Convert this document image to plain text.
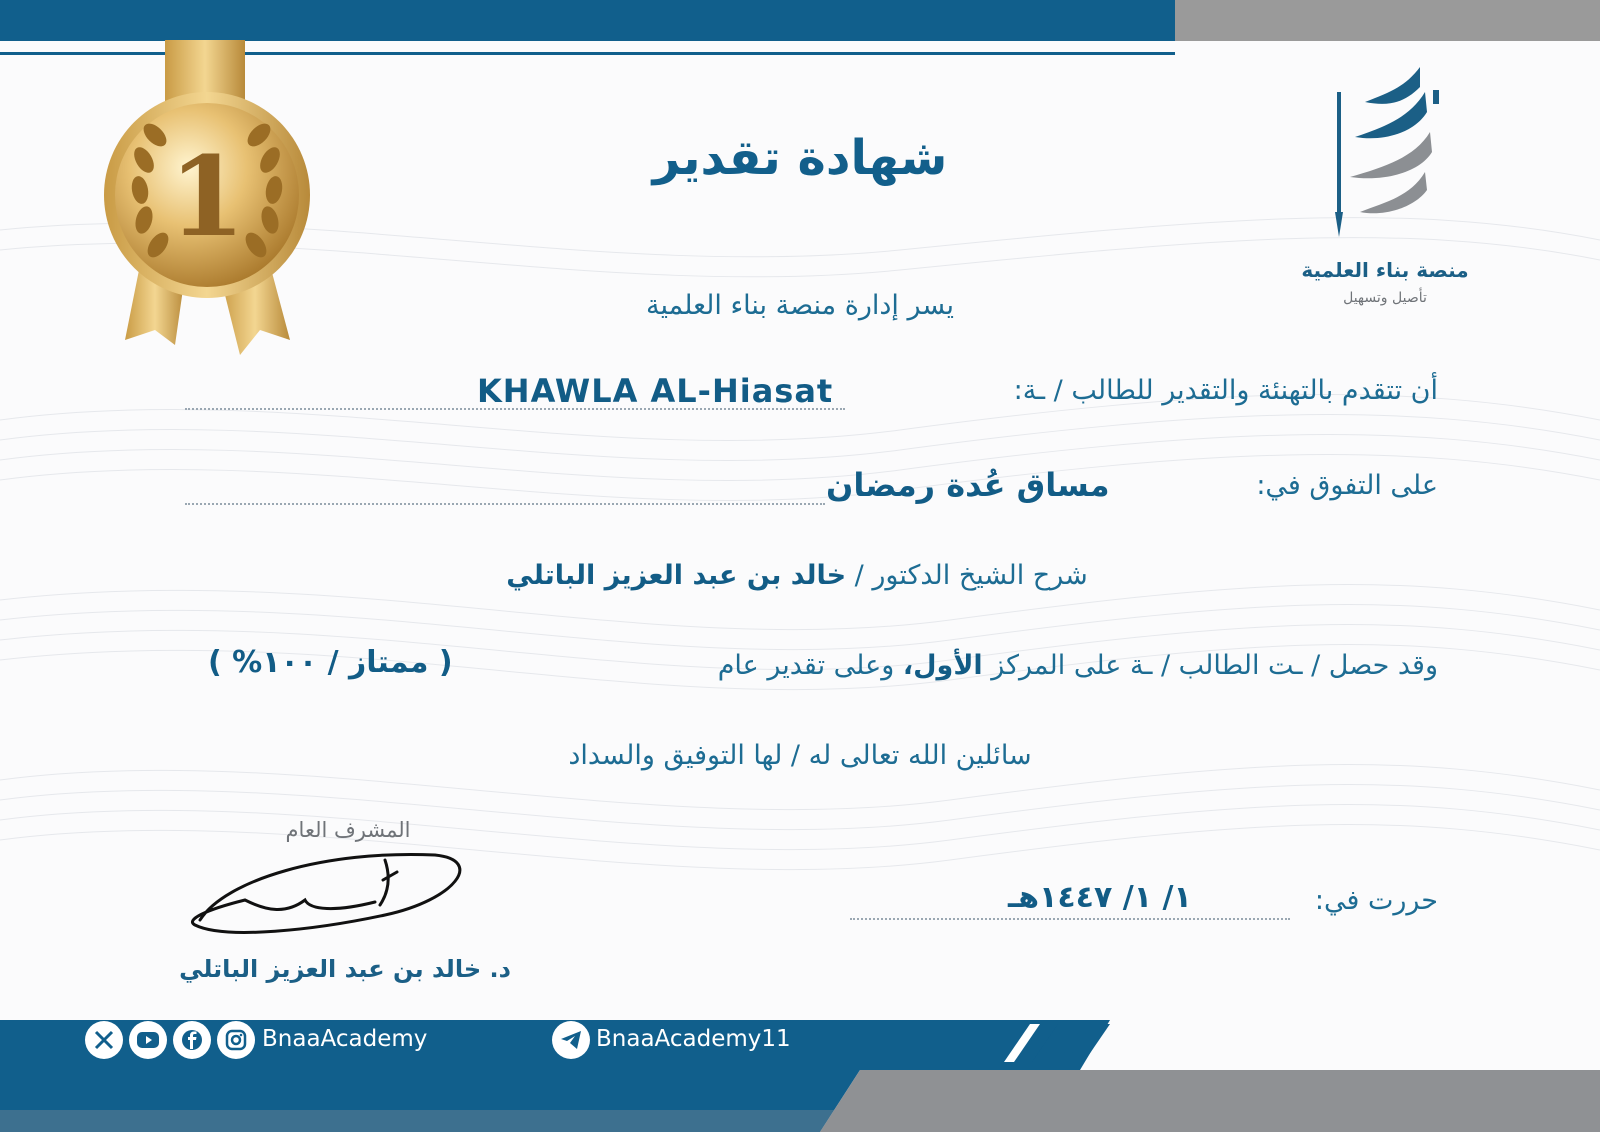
1
منصة بناء العلمية
تأصيل وتسهيل
شهادة تقدير
يسر إدارة منصة بناء العلمية
أن تتقدم بالتهنئة والتقدير للطالب / ـة:
KHAWLA AL-Hiasat
على التفوق في:
مساق عُدة رمضان
شرح الشيخ الدكتور / خالد بن عبد العزيز الباتلي
وقد حصل / ـت الطالب / ـة على المركز الأول، وعلى تقدير عام
( ممتاز / ١٠٠% )
سائلين الله تعالى له / لها التوفيق والسداد
المشرف العام
د. خالد بن عبد العزيز الباتلي
حررت في:
١/ ١/ ١٤٤٧هـ
BnaaAcademy	BnaaAcademy11
